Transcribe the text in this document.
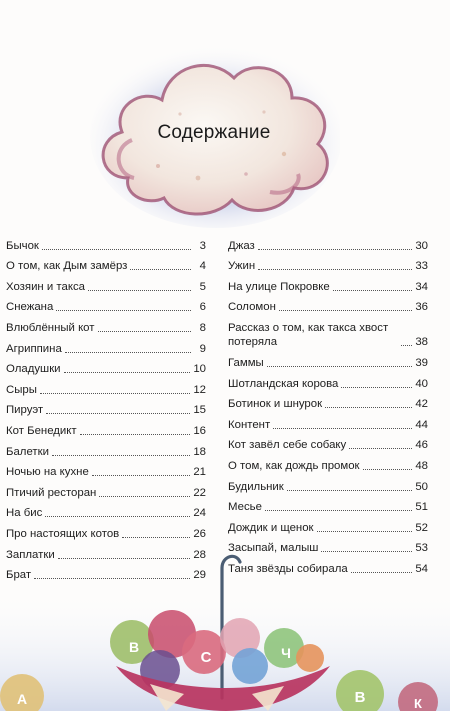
Содержание
Бычок	3
О том, как Дым замёрз	4
Хозяин и такса	5
Снежана	6
Влюблённый кот	8
Агриппина	9
Оладушки	10
Сыры	12
Пируэт	15
Кот Бенедикт	16
Балетки	18
Ночью на кухне	21
Птичий ресторан	22
На бис	24
Про настоящих котов	26
Заплатки	28
Брат	29
Джаз	30
Ужин	33
На улице Покровке	34
Соломон	36
Рассказ о том, как такса хвост потеряла	38
Гаммы	39
Шотландская корова	40
Ботинок и шнурок	42
Контент	44
Кот завёл себе собаку	46
О том, как дождь промок	48
Будильник	50
Месье	51
Дождик и щенок	52
Засыпай, малыш	53
Таня звёзды собирала	54
В
С	Ч
А	В	К
